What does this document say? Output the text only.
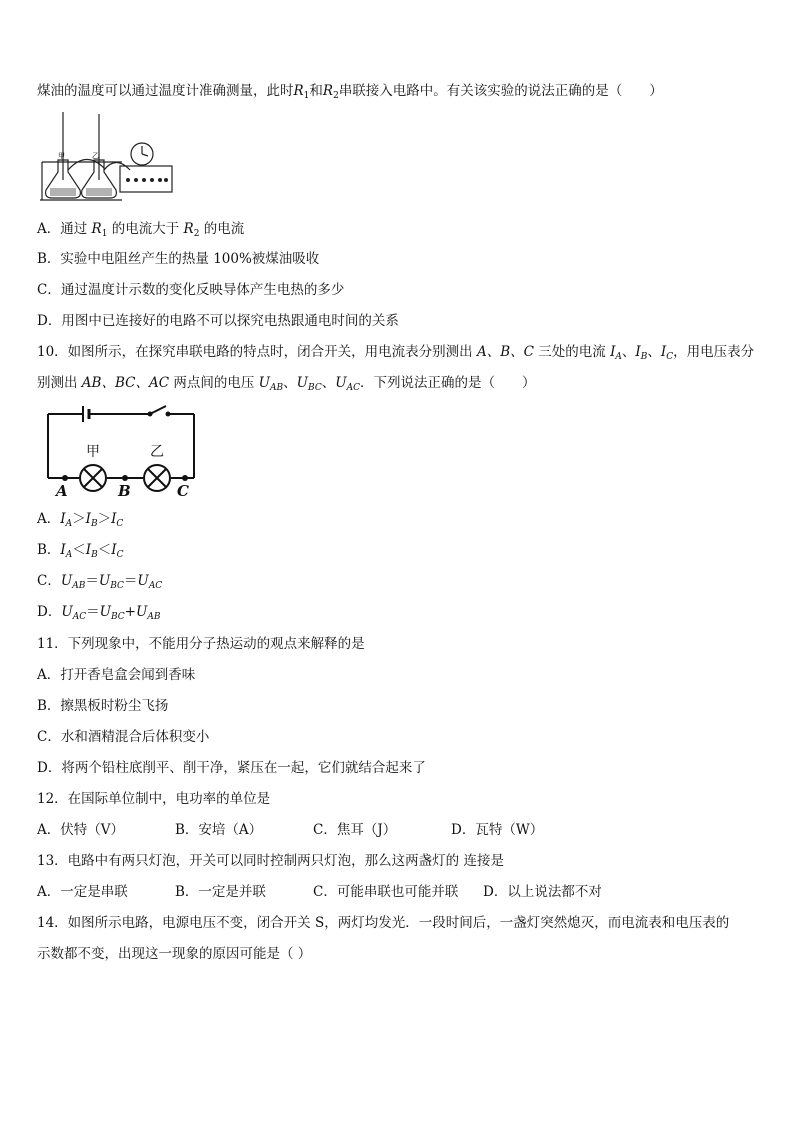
煤油的温度可以通过温度计准确测量，此时$R_1$和$R_2$串联接入电路中。有关该实验的说法正确的是（　　）
甲	乙
A．通过 $R_1$ 的电流大于 $R_2$ 的电流
B．实验中电阻丝产生的热量 100%被煤油吸收
C．通过温度计示数的变化反映导体产生电热的多少
D．用图中已连接好的电路不可以探究电热跟通电时间的关系
10．如图所示，在探究串联电路的特点时，闭合开关，用电流表分别测出 A、B、C 三处的电流 $I_A$、$I_B$、$I_C$，用电压表分
别测出 AB、BC、AC 两点间的电压 $U_{AB}$、$U_{BC}$、$U_{AC}$．下列说法正确的是（　　）
甲	乙
A	B	C
A．$I_A>I_B>I_C$
B．$I_A<I_B<I_C$
C．$U_{AB}=U_{BC}=U_{AC}$
D．$U_{AC}=U_{BC}+U_{AB}$
11．下列现象中，不能用分子热运动的观点来解释的是
A．打开香皂盒会闻到香味
B．擦黑板时粉尘飞扬
C．水和酒精混合后体积变小
D．将两个铅柱底削平、削干净，紧压在一起，它们就结合起来了
12．在国际单位制中，电功率的单位是
A．伏特（V）	B．安培（A）	C．焦耳（J）	D．瓦特（W）
13．电路中有两只灯泡，开关可以同时控制两只灯泡，那么这两盏灯的 连接是
A．一定是串联	B．一定是并联	C．可能串联也可能并联 D．以上说法都不对
14．如图所示电路，电源电压不变，闭合开关 S，两灯均发光．一段时间后，一盏灯突然熄灭，而电流表和电压表的
示数都不变，出现这一现象的原因可能是（ ）
